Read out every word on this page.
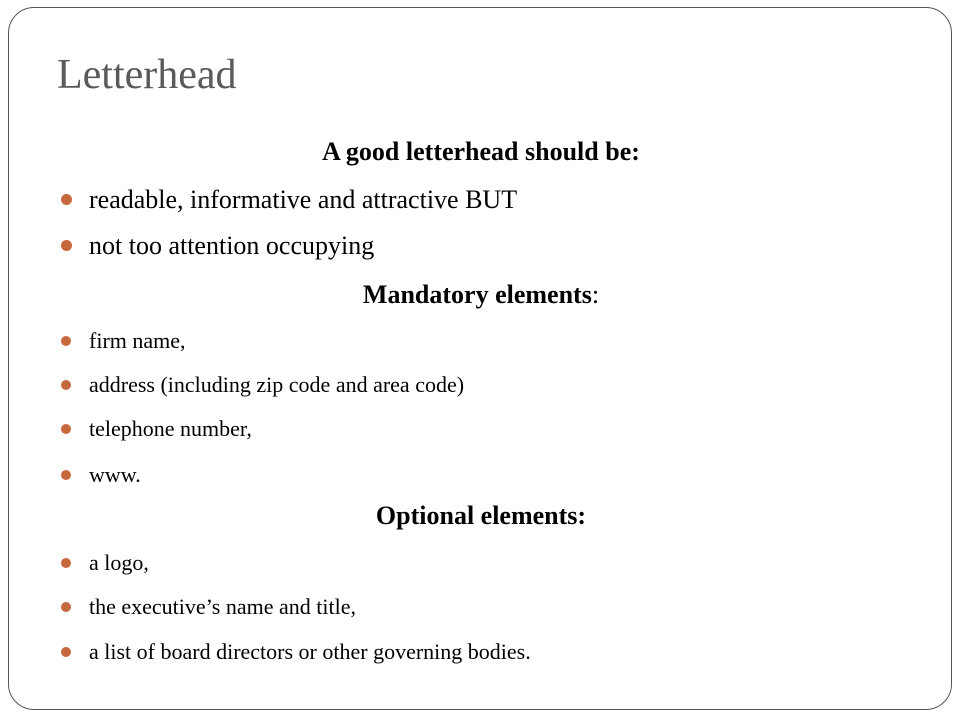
Letterhead
A good letterhead should be:
readable, informative and attractive BUT
not too attention occupying
Mandatory elements:
firm name,
address (including zip code and area code)
telephone number,
www.
Optional elements:
a logo,
the executive’s name and title,
a list of board directors or other governing bodies.
